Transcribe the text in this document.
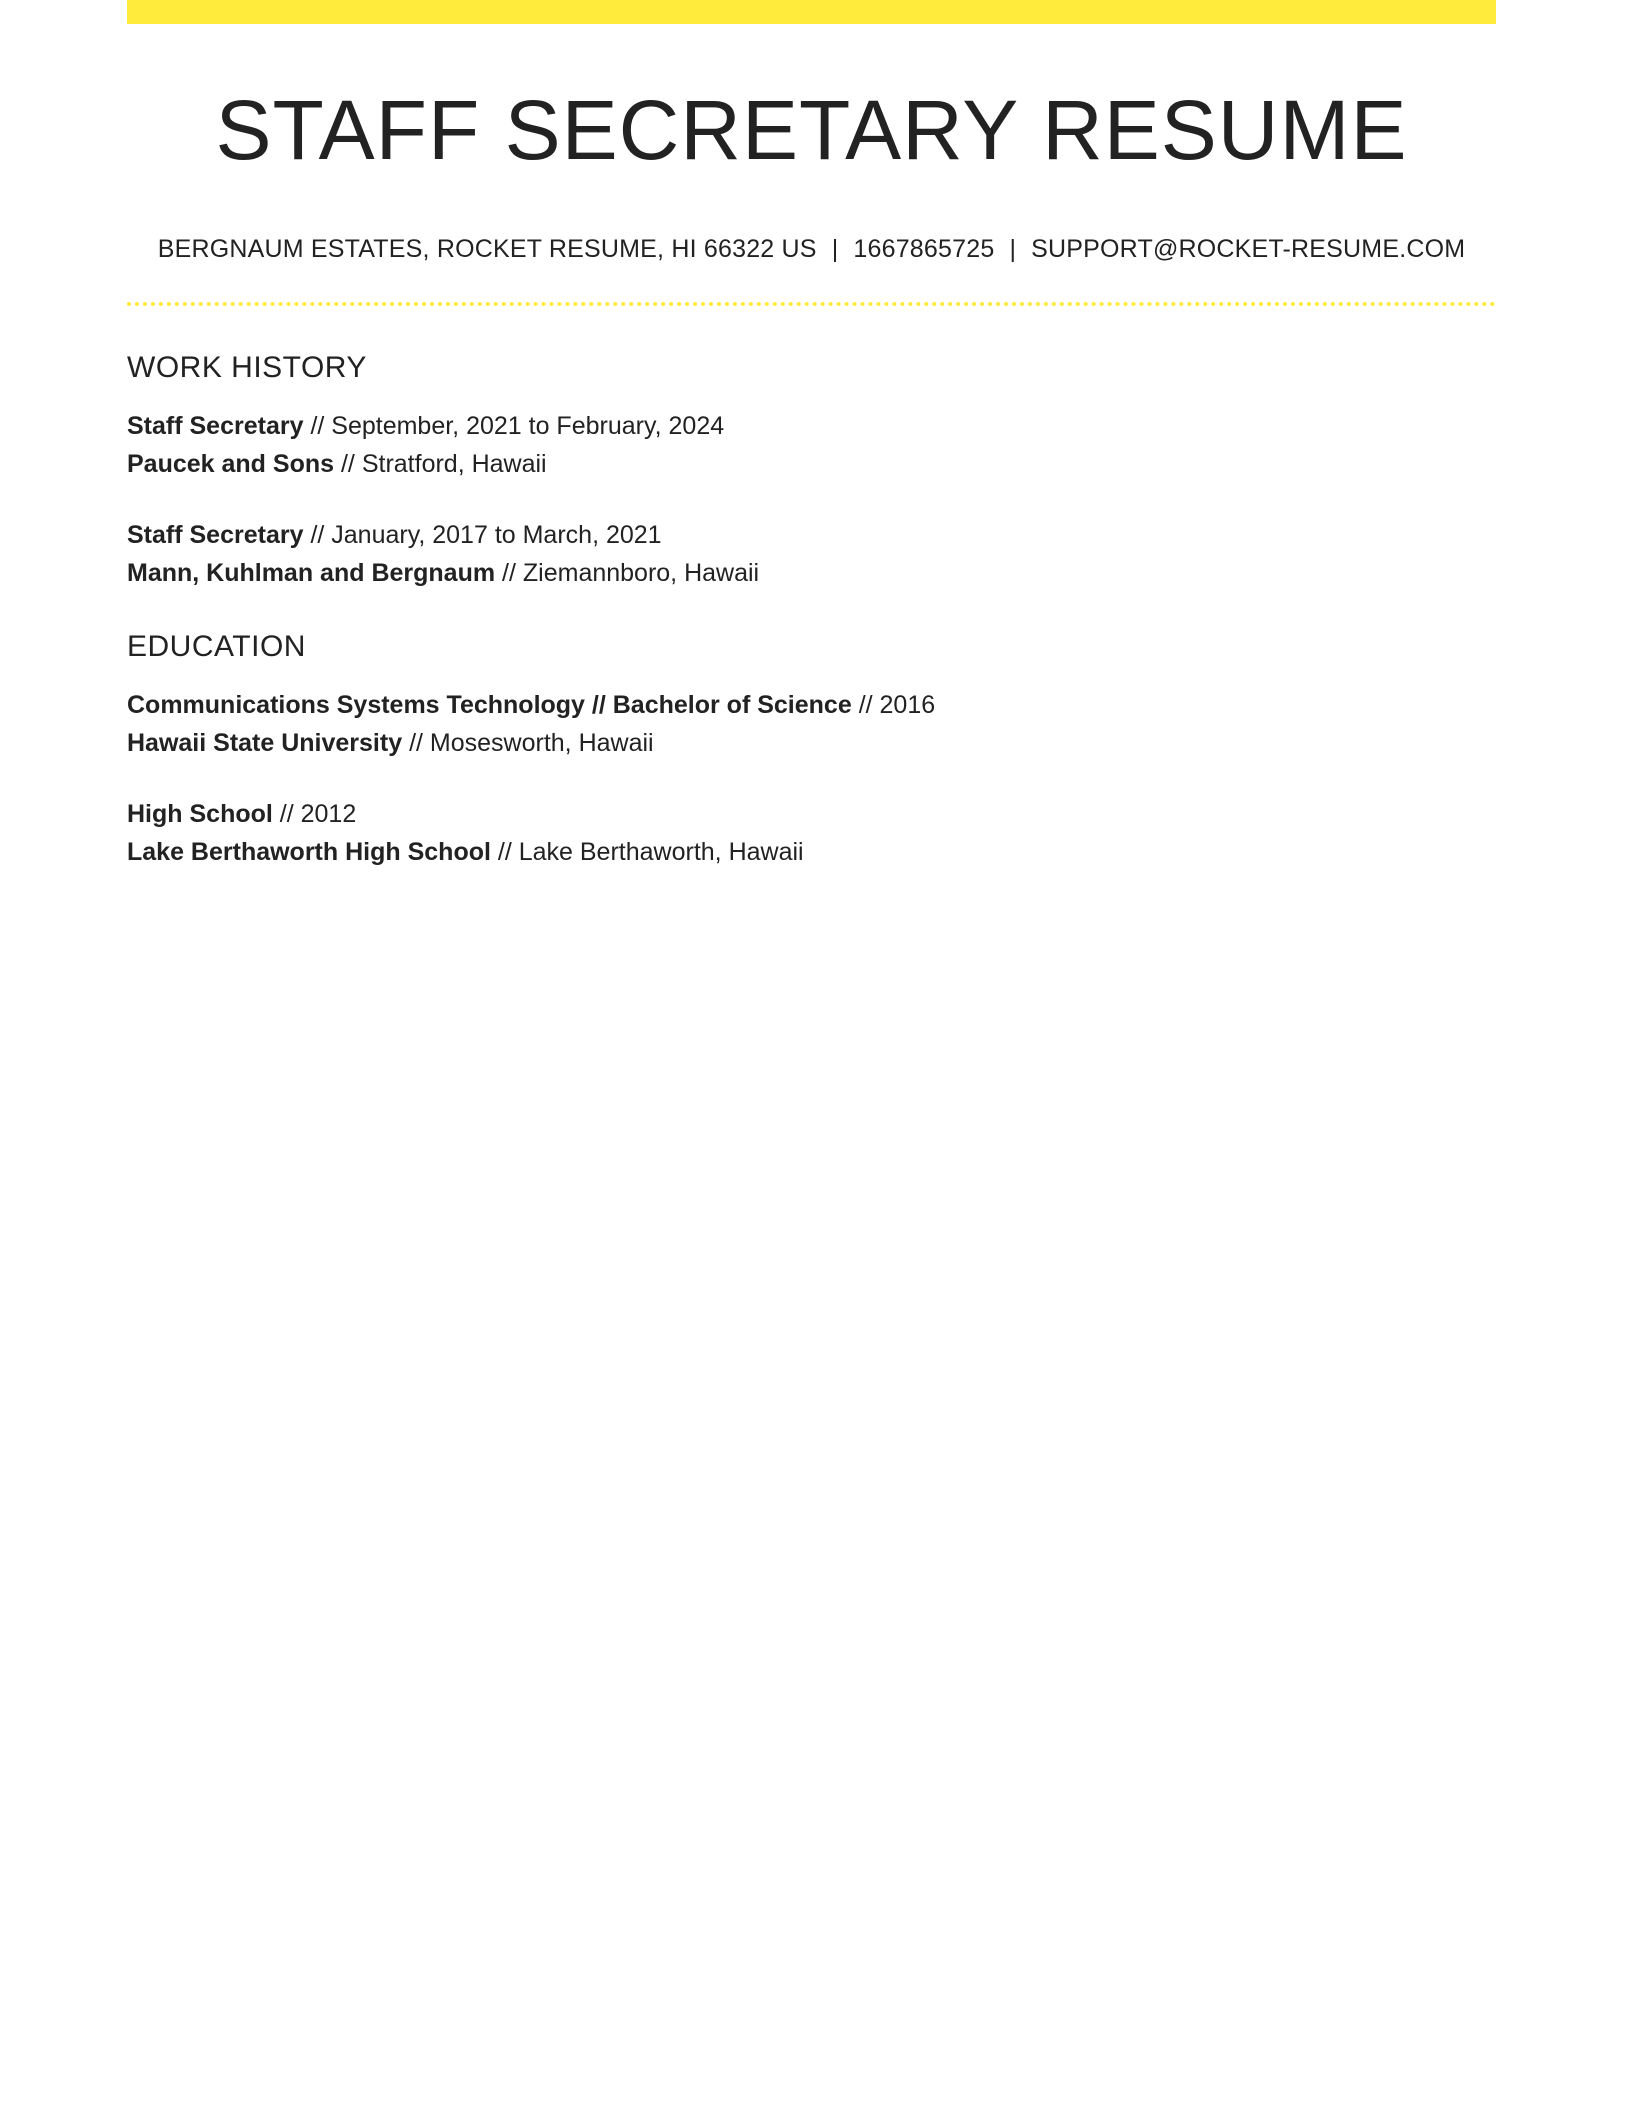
STAFF SECRETARY RESUME
BERGNAUM ESTATES, ROCKET RESUME, HI 66322 US | 1667865725 | SUPPORT@ROCKET-RESUME.COM
WORK HISTORY
Staff Secretary // September, 2021 to February, 2024
Paucek and Sons // Stratford, Hawaii
Staff Secretary // January, 2017 to March, 2021
Mann, Kuhlman and Bergnaum // Ziemannboro, Hawaii
EDUCATION
Communications Systems Technology // Bachelor of Science // 2016
Hawaii State University // Mosesworth, Hawaii
High School // 2012
Lake Berthaworth High School // Lake Berthaworth, Hawaii
